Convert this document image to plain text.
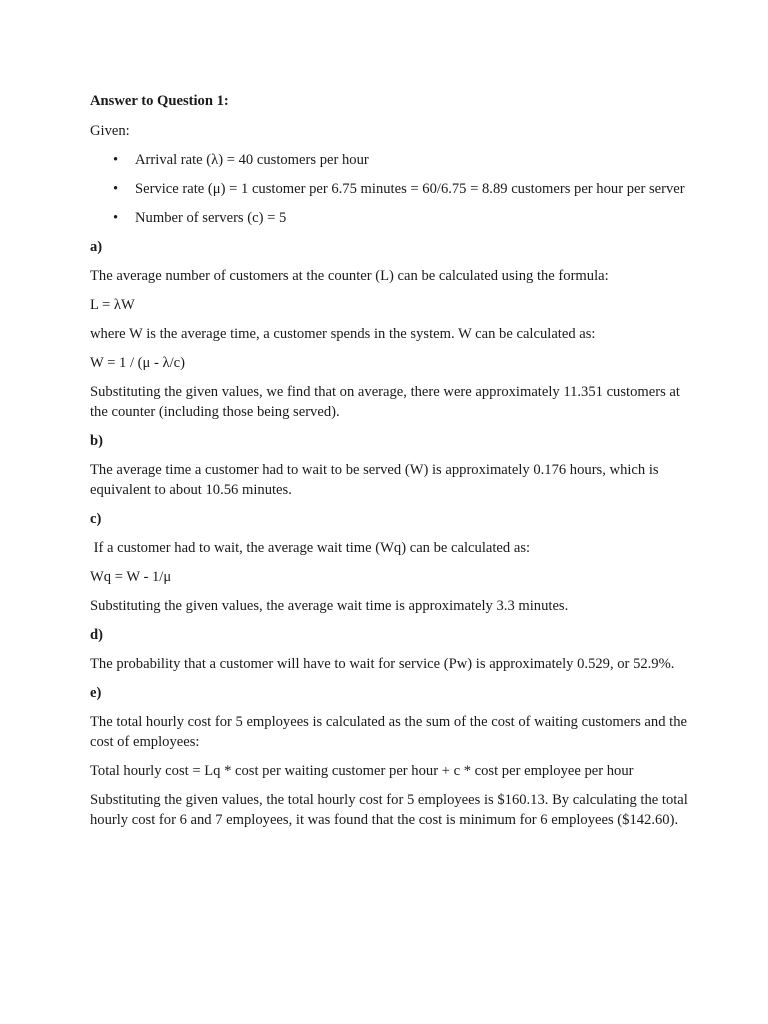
Answer to Question 1:
Given:
• Arrival rate (λ) = 40 customers per hour
• Service rate (μ) = 1 customer per 6.75 minutes = 60/6.75 = 8.89 customers per hour per server
• Number of servers (c) = 5
a)
The average number of customers at the counter (L) can be calculated using the formula:
L = λW
where W is the average time, a customer spends in the system. W can be calculated as:
W = 1 / (μ - λ/c)
Substituting the given values, we find that on average, there were approximately 11.351 customers at the counter (including those being served).
b)
The average time a customer had to wait to be served (W) is approximately 0.176 hours, which is equivalent to about 10.56 minutes.
c)
If a customer had to wait, the average wait time (Wq) can be calculated as:
Wq = W - 1/μ
Substituting the given values, the average wait time is approximately 3.3 minutes.
d)
The probability that a customer will have to wait for service (Pw) is approximately 0.529, or 52.9%.
e)
The total hourly cost for 5 employees is calculated as the sum of the cost of waiting customers and the cost of employees:
Total hourly cost = Lq * cost per waiting customer per hour + c * cost per employee per hour
Substituting the given values, the total hourly cost for 5 employees is $160.13. By calculating the total hourly cost for 6 and 7 employees, it was found that the cost is minimum for 6 employees ($142.60).
